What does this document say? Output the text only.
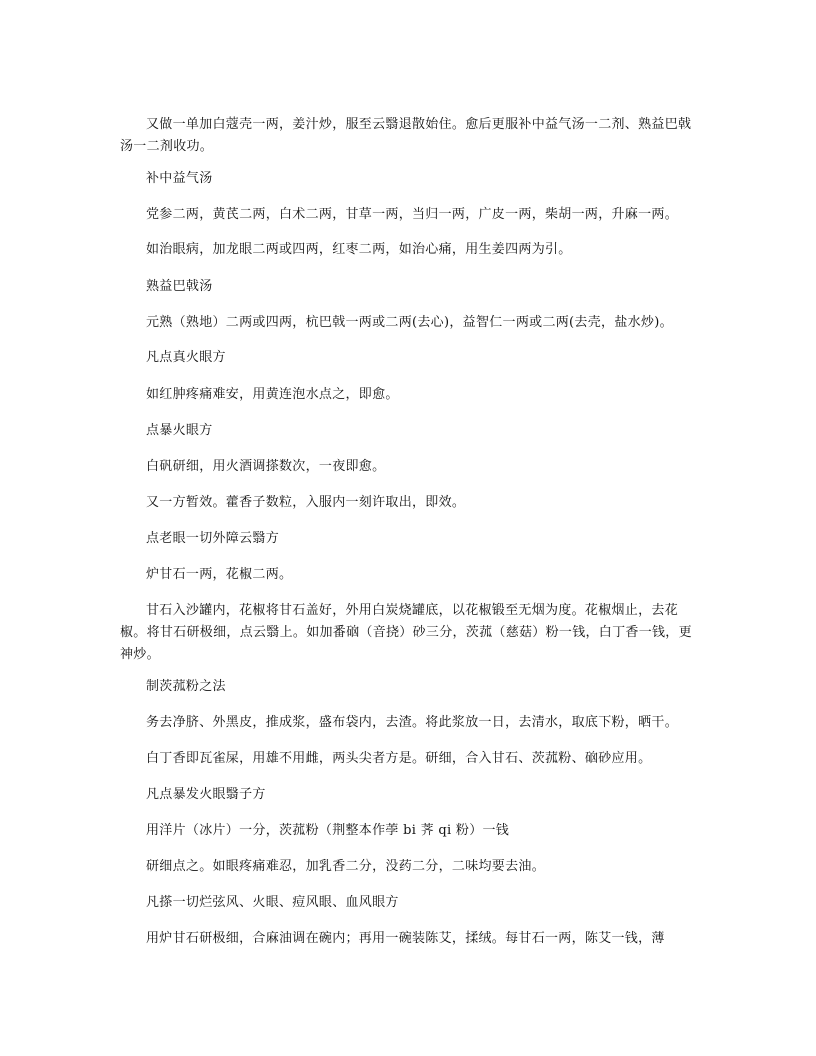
又做一单加白蔻壳一两，姜汁炒，服至云翳退散始住。愈后更服补中益气汤一二剂、熟益巴戟汤一二剂收功。

补中益气汤

党参二两，黄芪二两，白术二两，甘草一两，当归一两，广皮一两，柴胡一两，升麻一两。

如治眼病，加龙眼二两或四两，红枣二两，如治心痛，用生姜四两为引。

熟益巴戟汤

元熟（熟地）二两或四两，杭巴戟一两或二两(去心)，益智仁一两或二两(去壳，盐水炒)。

凡点真火眼方

如红肿疼痛难安，用黄连泡水点之，即愈。

点暴火眼方

白矾研细，用火酒调搽数次，一夜即愈。

又一方暂效。藿香子数粒，入服内一刻许取出，即效。

点老眼一切外障云翳方

炉甘石一两，花椒二两。

甘石入沙罐内，花椒将甘石盖好，外用白炭烧罐底，以花椒锻至无烟为度。花椒烟止，去花椒。将甘石研极细，点云翳上。如加番硇（音挠）砂三分，茨菰（慈菇）粉一钱，白丁香一钱，更神炒。

制茨菰粉之法

务去净脐、外黑皮，推成浆，盛布袋内，去渣。将此浆放一日，去清水，取底下粉，晒干。

白丁香即瓦雀屎，用雄不用雌，两头尖者方是。研细，合入甘石、茨菰粉、硇砂应用。

凡点暴发火眼翳子方

用洋片（冰片）一分，茨菰粉（荆整本作荸 bi 荠 qi 粉）一钱

研细点之。如眼疼痛难忍，加乳香二分，没药二分，二味均要去油。

凡搽一切烂弦风、火眼、痘风眼、血风眼方

用炉甘石研极细，合麻油调在碗内；再用一碗装陈艾，揉绒。每甘石一两，陈艾一钱，薄
